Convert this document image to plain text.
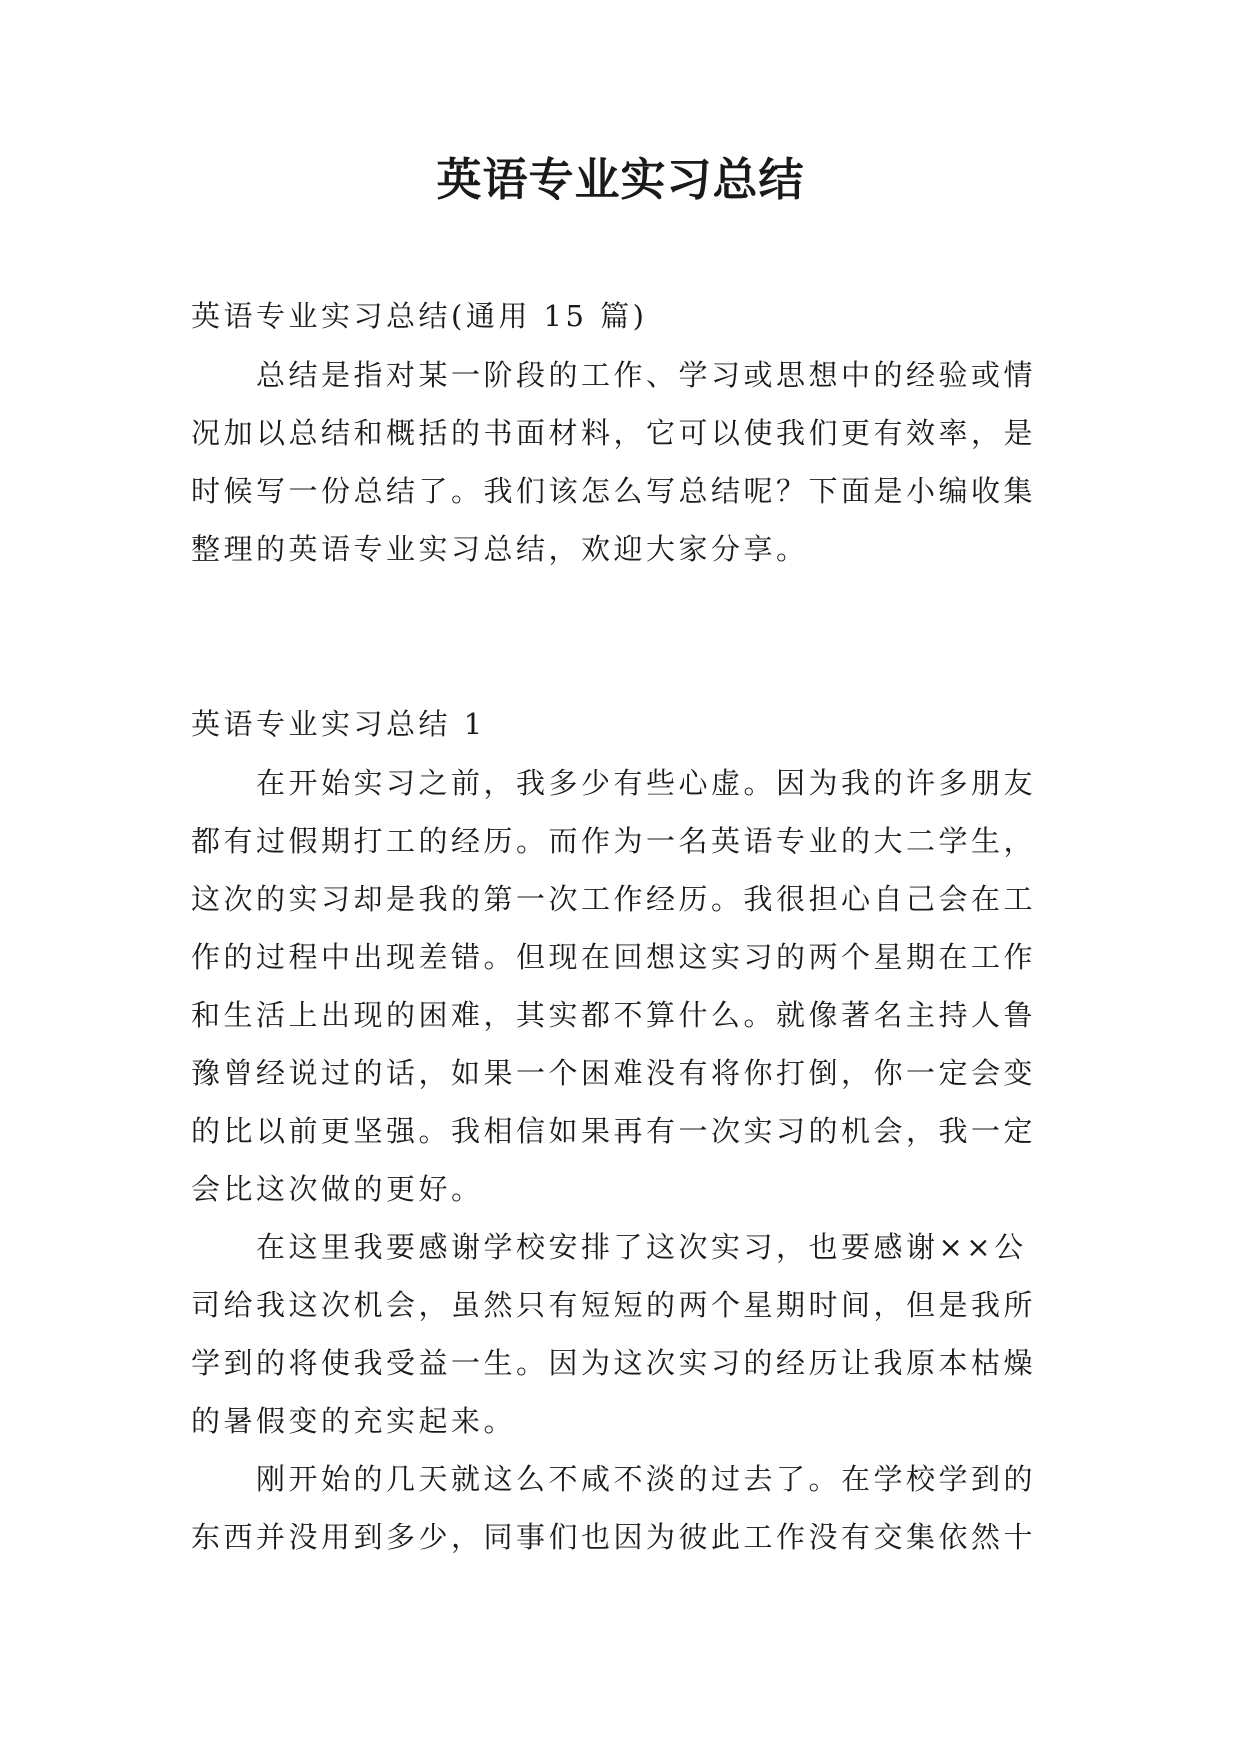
英语专业实习总结
英语专业实习总结(通用 15 篇)
总结是指对某一阶段的工作、学习或思想中的经验或情
况加以总结和概括的书面材料，它可以使我们更有效率，是
时候写一份总结了。我们该怎么写总结呢？下面是小编收集
整理的英语专业实习总结，欢迎大家分享。
英语专业实习总结 1
在开始实习之前，我多少有些心虚。因为我的许多朋友
都有过假期打工的经历。而作为一名英语专业的大二学生，
这次的实习却是我的第一次工作经历。我很担心自己会在工
作的过程中出现差错。但现在回想这实习的两个星期在工作
和生活上出现的困难，其实都不算什么。就像著名主持人鲁
豫曾经说过的话，如果一个困难没有将你打倒，你一定会变
的比以前更坚强。我相信如果再有一次实习的机会，我一定
会比这次做的更好。
在这里我要感谢学校安排了这次实习，也要感谢××公
司给我这次机会，虽然只有短短的两个星期时间，但是我所
学到的将使我受益一生。因为这次实习的经历让我原本枯燥
的暑假变的充实起来。
刚开始的几天就这么不咸不淡的过去了。在学校学到的
东西并没用到多少，同事们也因为彼此工作没有交集依然十
